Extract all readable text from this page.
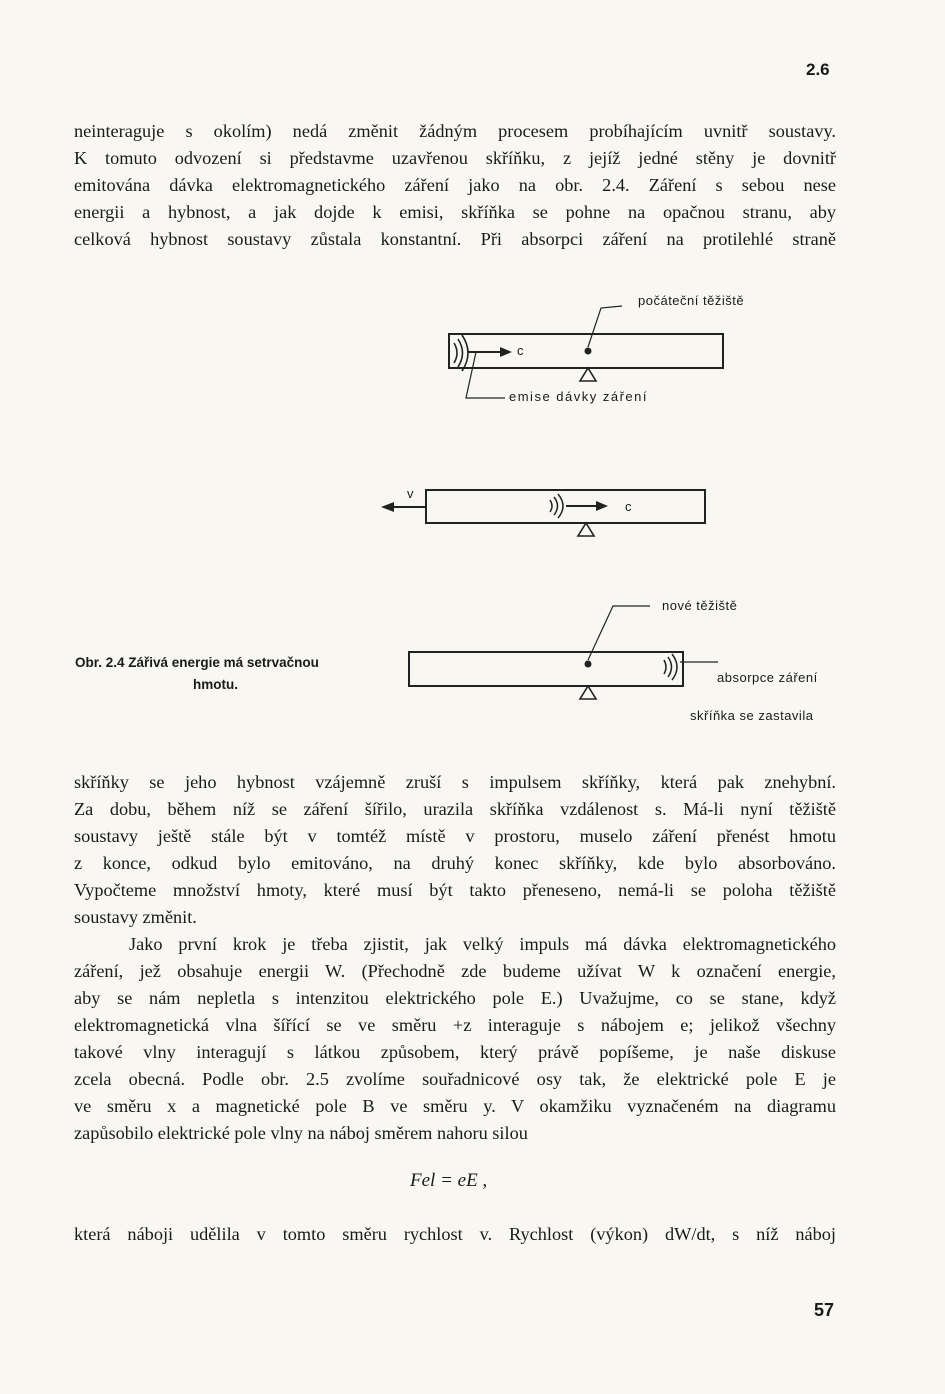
2.6
neinteraguje s okolím) nedá změnit žádným procesem probíhajícím uvnitř soustavy.
K tomuto odvození si představme uzavřenou skříňku, z jejíž jedné stěny je dovnitř
emitována dávka elektromagnetického záření jako na obr. 2.4. Záření s sebou nese
energii a hybnost, a jak dojde k emisi, skříňka se pohne na opačnou stranu, aby
celková hybnost soustavy zůstala konstantní. Při absorpci záření na protilehlé straně
počáteční těžiště
c
emise dávky záření
v
c
nové těžiště
absorpce záření
skříňka se zastavila
Obr. 2.4 Zářivá energie má setrvačnou
hmotu.
skříňky se jeho hybnost vzájemně zruší s impulsem skříňky, která pak znehybní.
Za dobu, během níž se záření šířilo, urazila skříňka vzdálenost s. Má-li nyní těžiště
soustavy ještě stále být v tomtéž místě v prostoru, muselo záření přenést hmotu
z konce, odkud bylo emitováno, na druhý konec skříňky, kde bylo absorbováno.
Vypočteme množství hmoty, které musí být takto přeneseno, nemá-li se poloha těžiště
soustavy změnit.
Jako první krok je třeba zjistit, jak velký impuls má dávka elektromagnetického
záření, jež obsahuje energii W. (Přechodně zde budeme užívat W k označení energie,
aby se nám nepletla s intenzitou elektrického pole E.) Uvažujme, co se stane, když
elektromagnetická vlna šířící se ve směru +z interaguje s nábojem e; jelikož všechny
takové vlny interagují s látkou způsobem, který právě popíšeme, je naše diskuse
zcela obecná. Podle obr. 2.5 zvolíme souřadnicové osy tak, že elektrické pole E je
ve směru x a magnetické pole B ve směru y. V okamžiku vyznačeném na diagramu
zapůsobilo elektrické pole vlny na náboj směrem nahoru silou
Fel = eE ,
která náboji udělila v tomto směru rychlost v. Rychlost (výkon) dW/dt, s níž náboj
57
